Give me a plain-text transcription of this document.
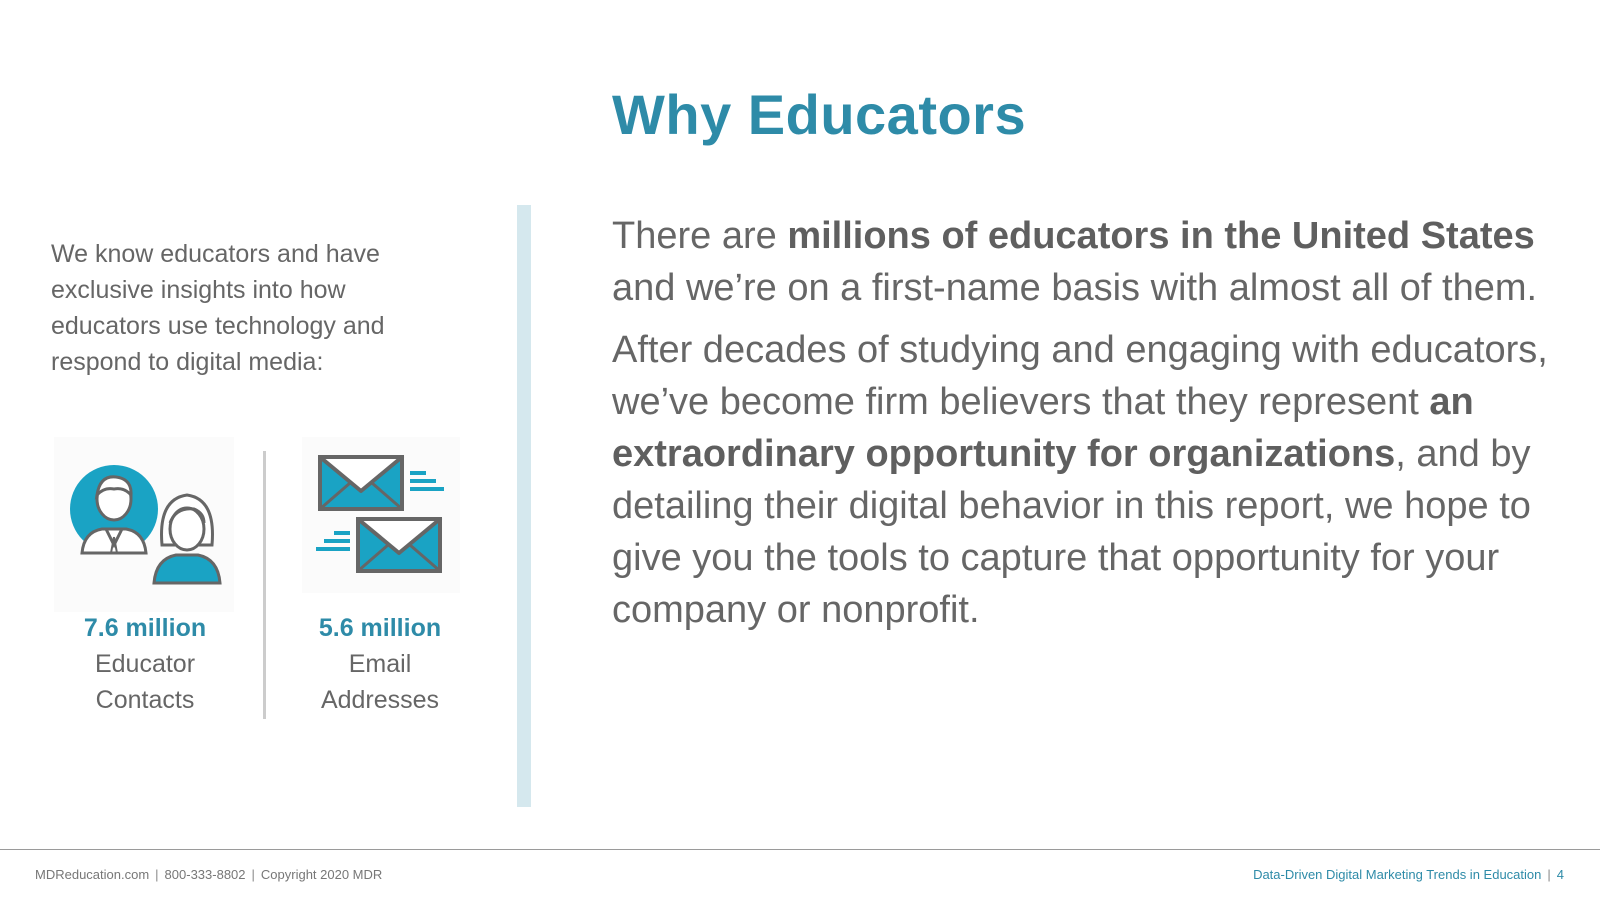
Why Educators
We know educators and have exclusive insights into how educators use technology and respond to digital media:
7.6 million
Educator
Contacts
5.6 million
Email
Addresses

There are millions of educators in the United States and we’re on a first-name basis with almost all of them.

After decades of studying and engaging with educators, we’ve become firm believers that they represent an extraordinary opportunity for organizations, and by detailing their digital behavior in this report, we hope to give you the tools to capture that opportunity for your company or nonprofit.

MDReducation.com | 800-333-8802 | Copyright 2020 MDR	Data-Driven Digital Marketing Trends in Education | 4
